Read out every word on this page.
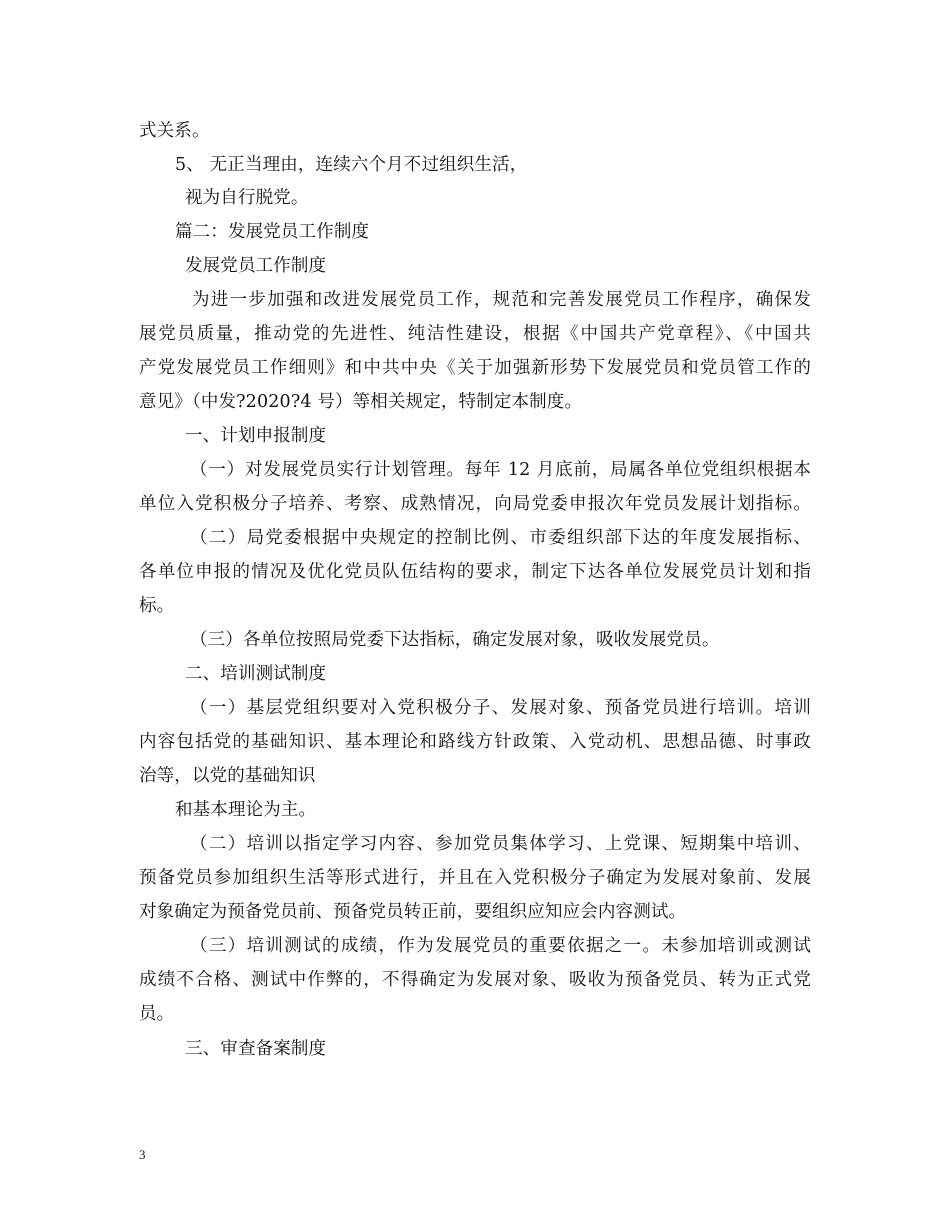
式关系。
5、 无正当理由，连续六个月不过组织生活，
视为自行脱党。
篇二：发展党员工作制度
发展党员工作制度
为进一步加强和改进发展党员工作，规范和完善发展党员工作程序，确保发
展党员质量，推动党的先进性、纯洁性建设，根据《中国共产党章程》、《中国共
产党发展党员工作细则》和中共中央《关于加强新形势下发展党员和党员管工作的
意见》（中发?2020?4 号）等相关规定，特制定本制度。
一、计划申报制度
（一）对发展党员实行计划管理。每年 12 月底前，局属各单位党组织根据本
单位入党积极分子培养、考察、成熟情况，向局党委申报次年党员发展计划指标。
（二）局党委根据中央规定的控制比例、市委组织部下达的年度发展指标、
各单位申报的情况及优化党员队伍结构的要求，制定下达各单位发展党员计划和指
标。
（三）各单位按照局党委下达指标，确定发展对象，吸收发展党员。
二、培训测试制度
（一）基层党组织要对入党积极分子、发展对象、预备党员进行培训。培训
内容包括党的基础知识、基本理论和路线方针政策、入党动机、思想品德、时事政
治等，以党的基础知识
和基本理论为主。
（二）培训以指定学习内容、参加党员集体学习、上党课、短期集中培训、
预备党员参加组织生活等形式进行，并且在入党积极分子确定为发展对象前、发展
对象确定为预备党员前、预备党员转正前，要组织应知应会内容测试。
（三）培训测试的成绩，作为发展党员的重要依据之一。未参加培训或测试
成绩不合格、测试中作弊的，不得确定为发展对象、吸收为预备党员、转为正式党
员。
三、审查备案制度
3
